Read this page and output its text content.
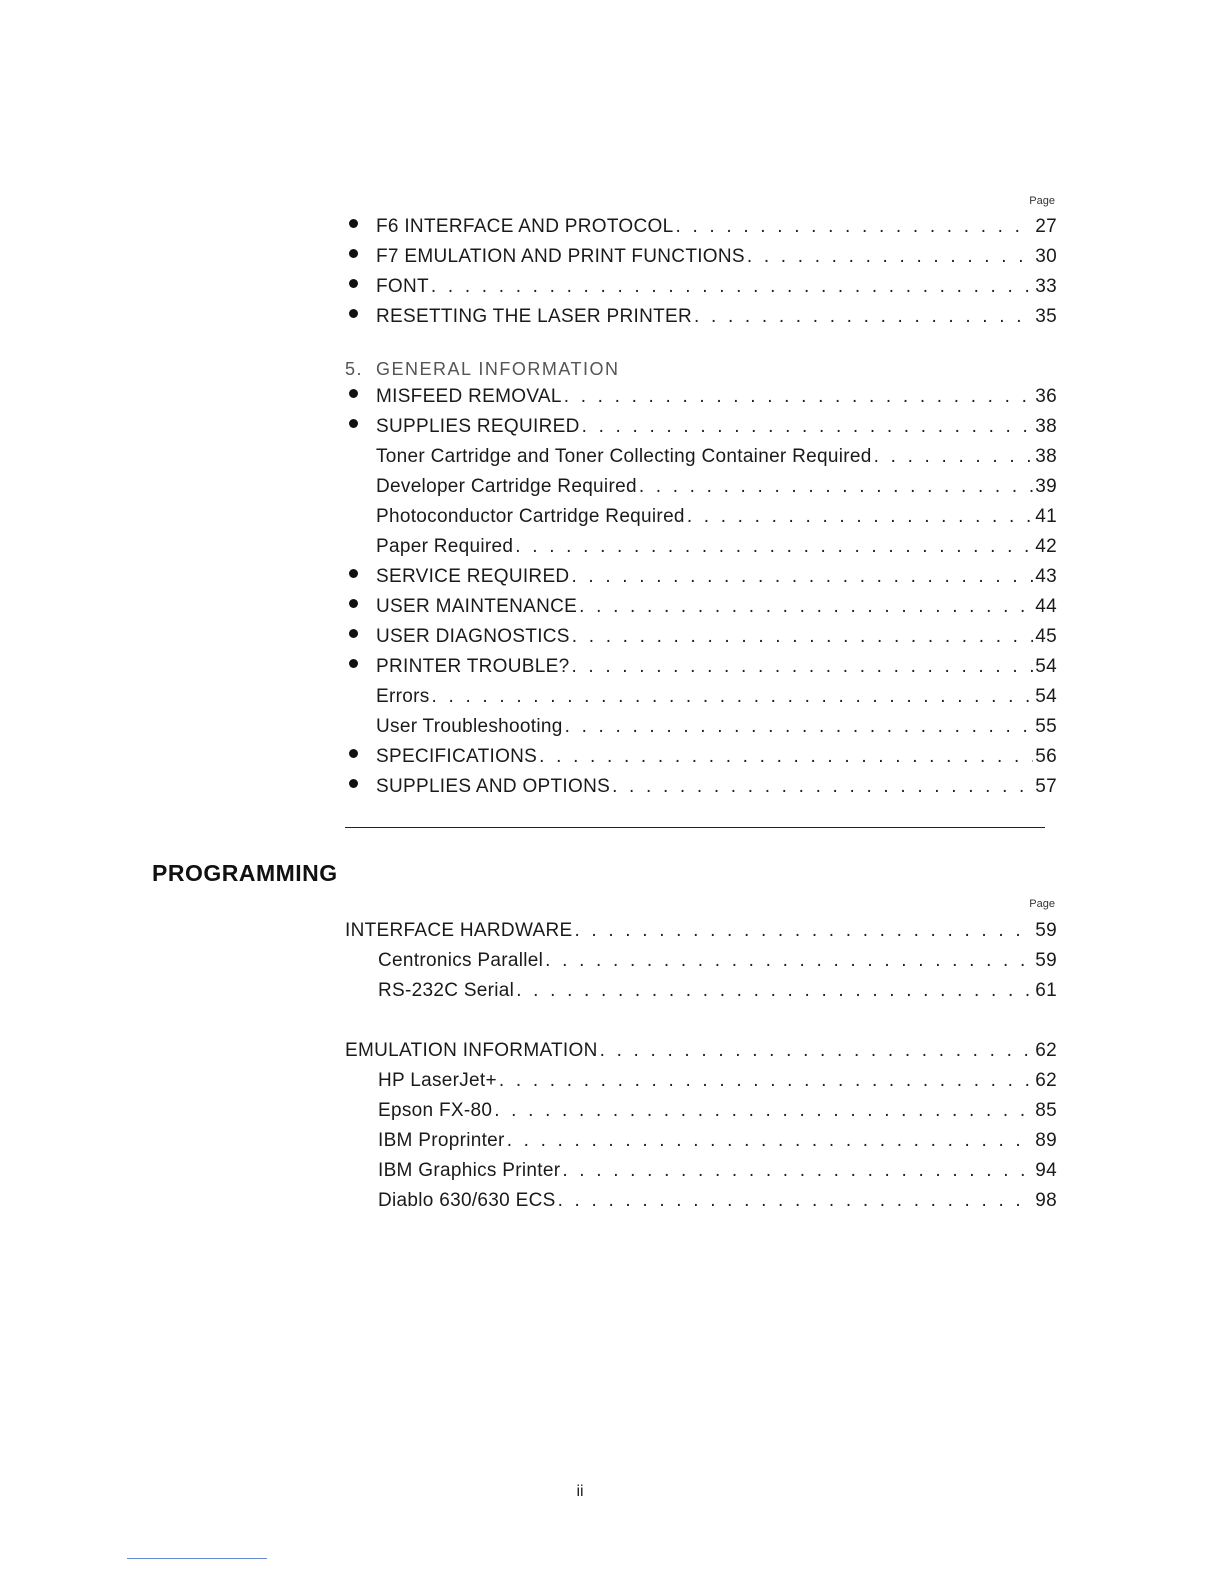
Page
F6 INTERFACE AND PROTOCOL . . .	27
F7 EMULATION AND PRINT FUNCTIONS . . .	30
FONT . . .	33
RESETTING THE LASER PRINTER . . .	35
5. GENERAL INFORMATION
MISFEED REMOVAL . . .	36
SUPPLIES REQUIRED . . .	38
Toner Cartridge and Toner Collecting Container Required . . .	38
Developer Cartridge Required . . .	39
Photoconductor Cartridge Required . . .	41
Paper Required . . .	42
SERVICE REQUIRED . . .	43
USER MAINTENANCE . . .	44
USER DIAGNOSTICS . . .	45
PRINTER TROUBLE? . . .	54
Errors . . .	54
User Troubleshooting . . .	55
SPECIFICATIONS . . .	56
SUPPLIES AND OPTIONS . . .	57
PROGRAMMING
Page
INTERFACE HARDWARE . . .	59
Centronics Parallel . . .	59
RS-232C Serial . . .	61
EMULATION INFORMATION . . .	62
HP LaserJet+ . . .	62
Epson FX-80 . . .	85
IBM Proprinter . . .	89
IBM Graphics Printer . . .	94
Diablo 630/630 ECS . . .	98
ii
